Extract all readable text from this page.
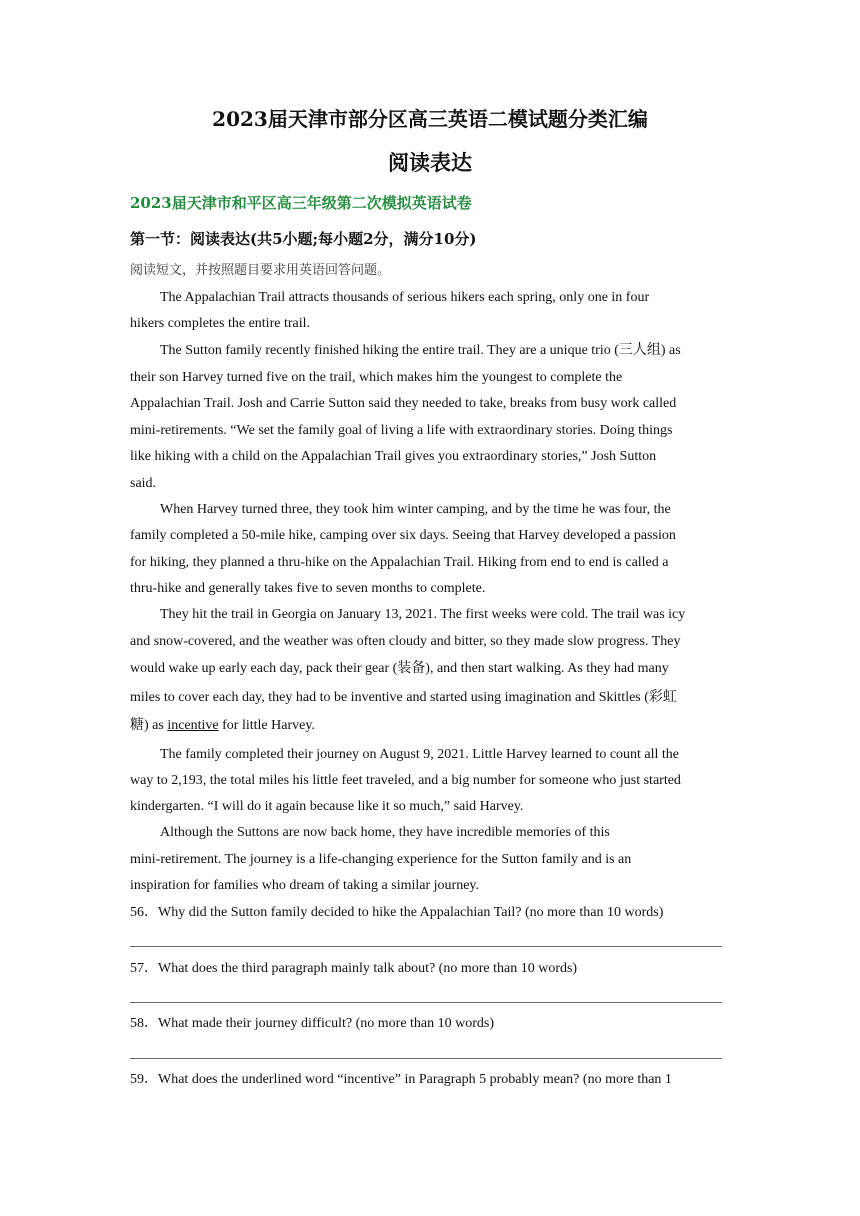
2023届天津市部分区高三英语二模试题分类汇编
阅读表达
2023届天津市和平区高三年级第二次模拟英语试卷
第一节：阅读表达(共5小题;每小题2分，满分10分)
阅读短文，并按照题目要求用英语回答问题。
The Appalachian Trail attracts thousands of serious hikers each spring, only one in four
hikers completes the entire trail.
The Sutton family recently finished hiking the entire trail. They are a unique trio (三人组) as
their son Harvey turned five on the trail, which makes him the youngest to complete the
Appalachian Trail. Josh and Carrie Sutton said they needed to take, breaks from busy work called
mini-retirements. “We set the family goal of living a life with extraordinary stories. Doing things
like hiking with a child on the Appalachian Trail gives you extraordinary stories,” Josh Sutton
said.
When Harvey turned three, they took him winter camping, and by the time he was four, the
family completed a 50-mile hike, camping over six days. Seeing that Harvey developed a passion
for hiking, they planned a thru-hike on the Appalachian Trail. Hiking from end to end is called a
thru-hike and generally takes five to seven months to complete.
They hit the trail in Georgia on January 13, 2021. The first weeks were cold. The trail was icy
and snow-covered, and the weather was often cloudy and bitter, so they made slow progress. They
would wake up early each day, pack their gear (装备), and then start walking. As they had many
miles to cover each day, they had to be inventive and started using imagination and Skittles (彩虹
糖) as incentive for little Harvey.
The family completed their journey on August 9, 2021. Little Harvey learned to count all the
way to 2,193, the total miles his little feet traveled, and a big number for someone who just started
kindergarten. “I will do it again because like it so much,” said Harvey.
Although the Suttons are now back home, they have incredible memories of this
mini-retirement. The journey is a life-changing experience for the Sutton family and is an
inspiration for families who dream of taking a similar journey.
56．Why did the Sutton family decided to hike the Appalachian Tail? (no more than 10 words)
57．What does the third paragraph mainly talk about? (no more than 10 words)
58．What made their journey difficult? (no more than 10 words)
59．What does the underlined word “incentive” in Paragraph 5 probably mean? (no more than 1
